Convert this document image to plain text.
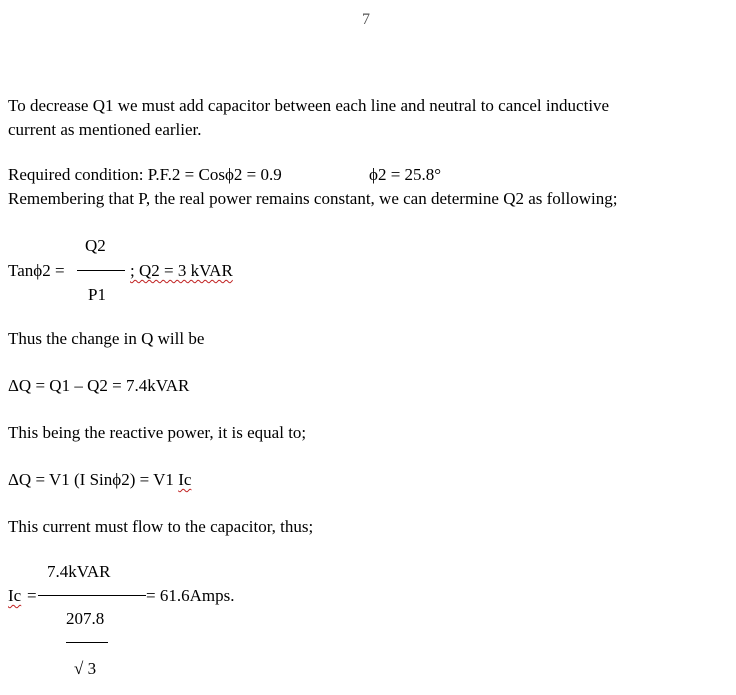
7
To decrease Q1 we must add capacitor between each line and neutral to cancel inductive
current as mentioned earlier.
Required condition: P.F.2 = Cosϕ2 = 0.9	ϕ2 = 25.8°
Remembering that P, the real power remains constant, we can determine Q2 as following;
Tanϕ2 =
Q2
P1
; Q2 = 3 kVAR
Thus the change in Q will be
ΔQ = Q1 – Q2 = 7.4kVAR
This being the reactive power, it is equal to;
ΔQ = V1 (I Sinϕ2) = V1 Ic
This current must flow to the capacitor, thus;
Ic =
7.4kVAR
= 61.6Amps.
207.8
√ 3
